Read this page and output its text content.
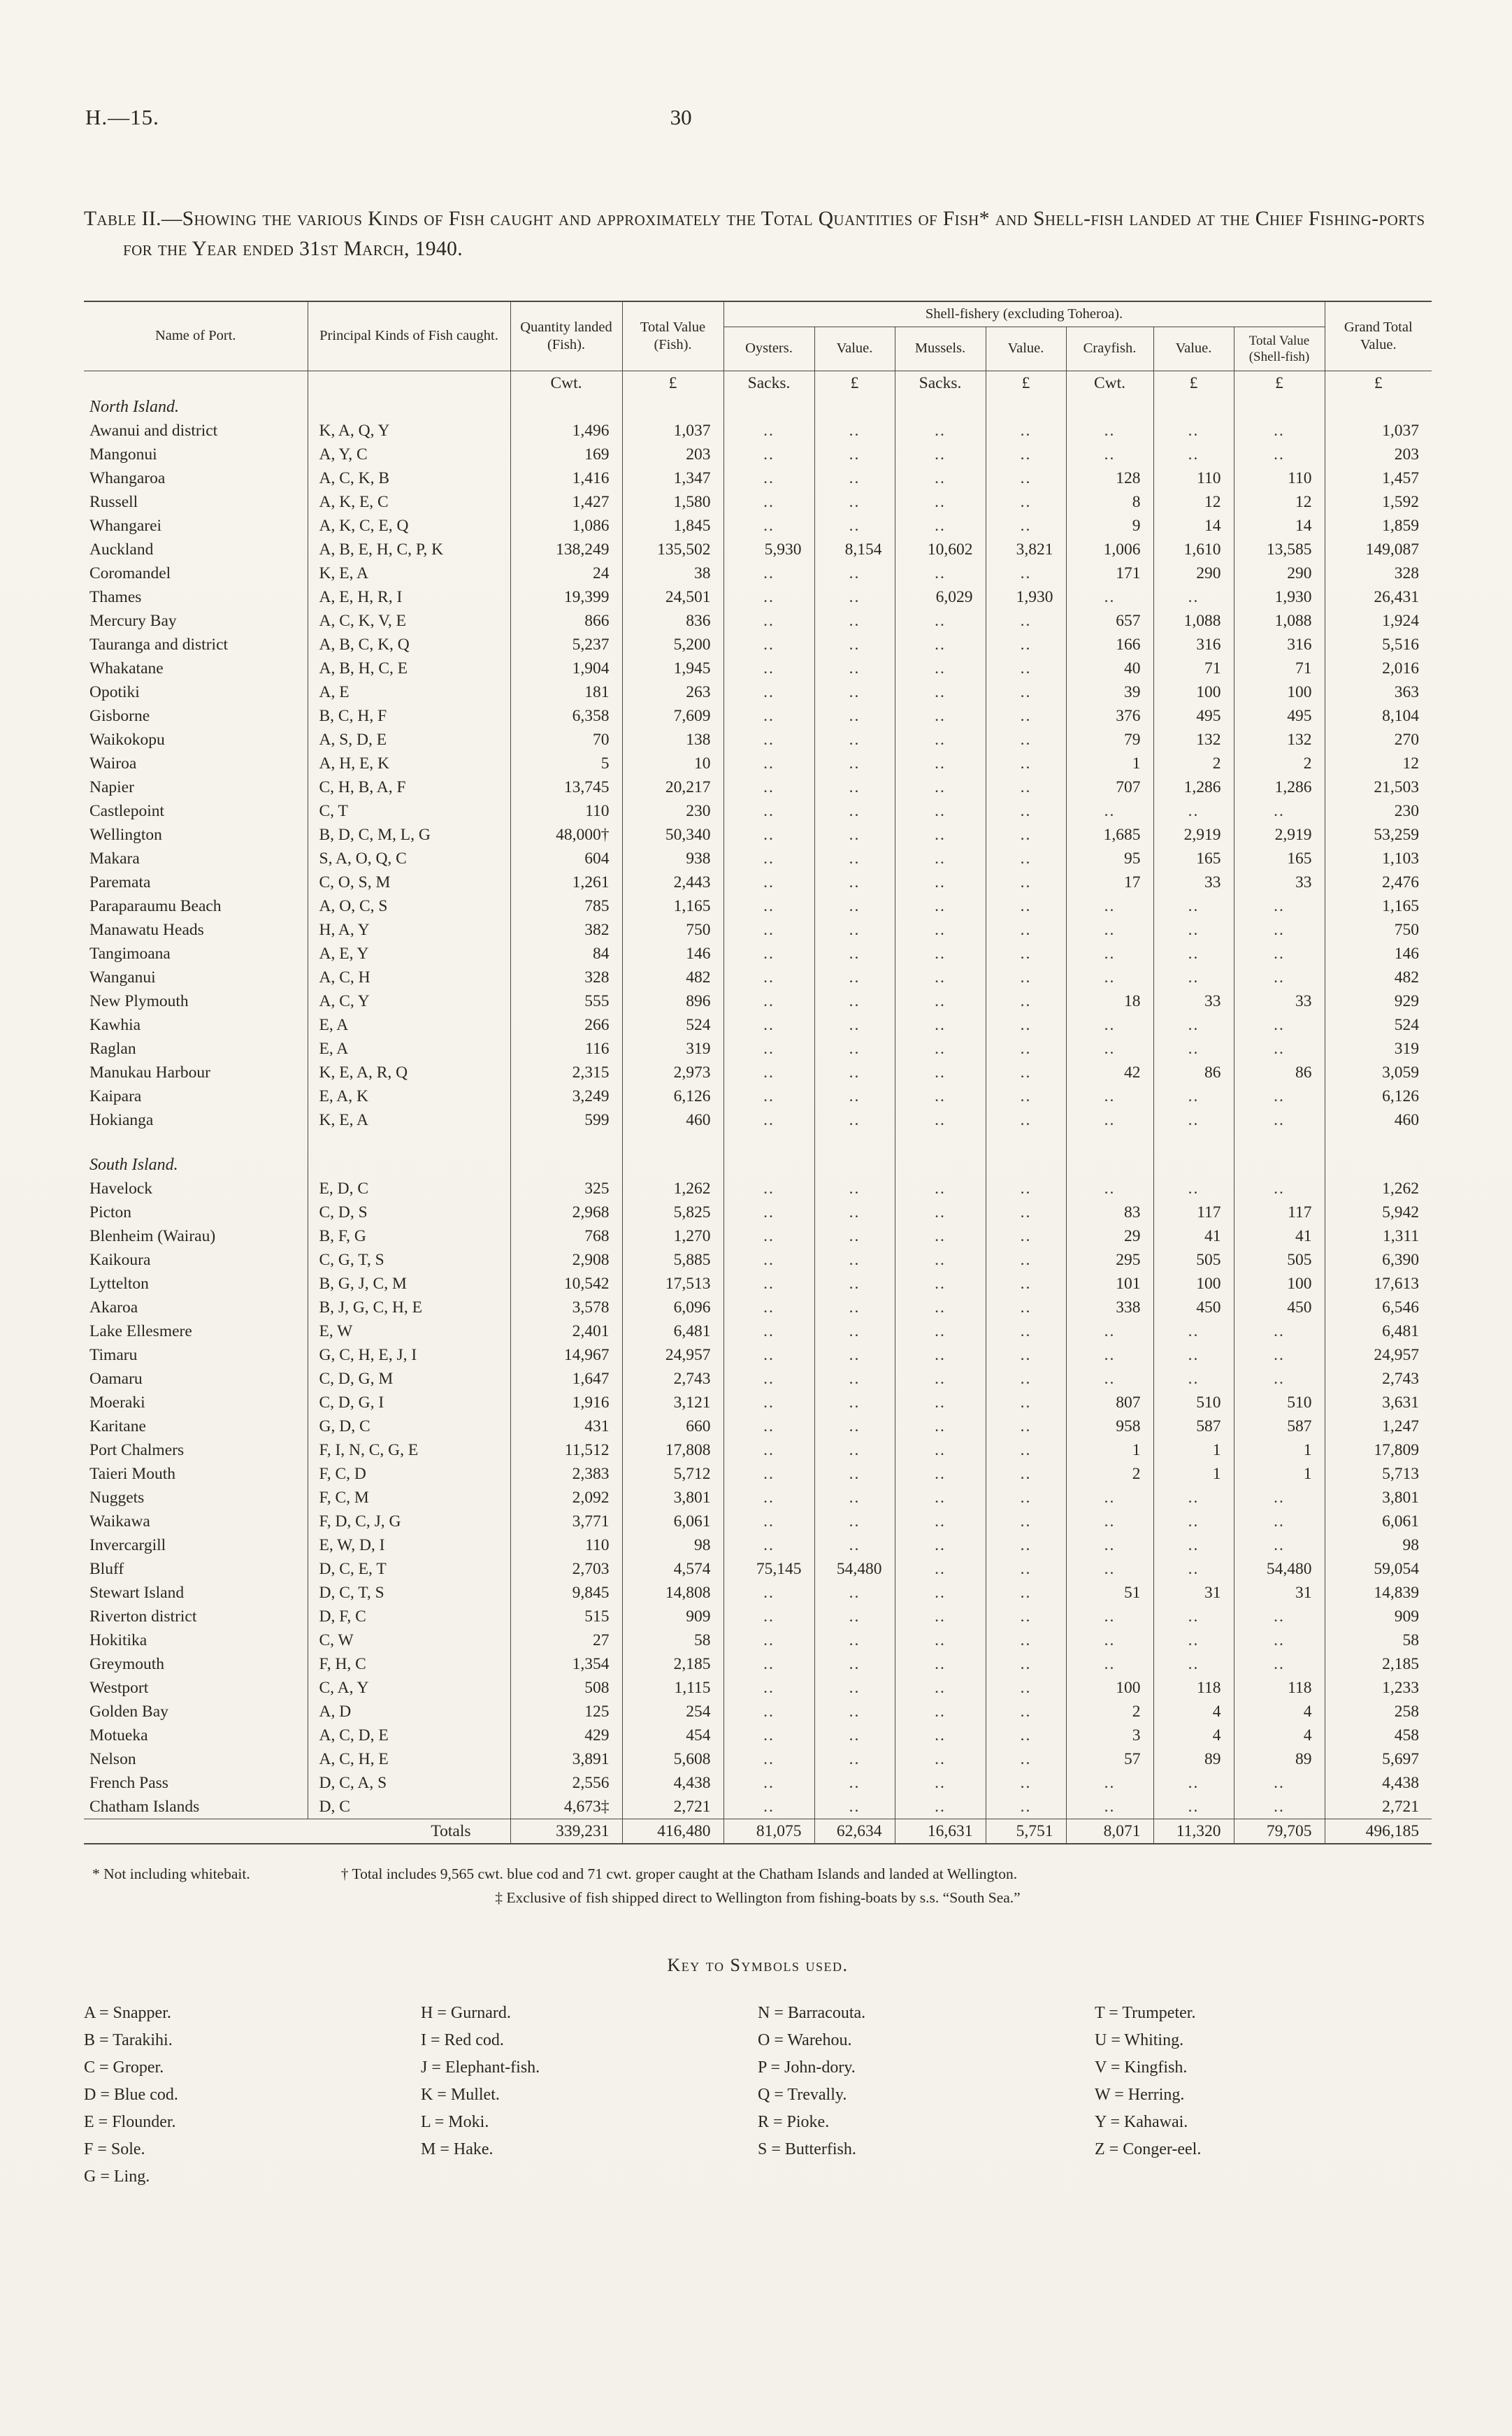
H.—15.	30

Table II.—Showing the various Kinds of Fish caught and approximately the Total Quantities of Fish* and Shell-fish landed at the Chief Fishing-ports for the Year ended 31st March, 1940.

Name of Port.	Principal Kinds of Fish caught.	Quantity landed (Fish).	Total Value (Fish).	Shell-fishery (excluding Toheroa).							Grand Total Value.
				Oysters.	Value.	Mussels.	Value.	Crayfish.	Value.	Total Value (Shell-fish)	
		Cwt.	£	Sacks.	£	Sacks.	£	Cwt.	£	£	£
North Island.											
Awanui and district	K, A, Q, Y	1,496	1,037	..	..	..	..	..	..	..	1,037
Mangonui	A, Y, C	169	203	..	..	..	..	..	..	..	203
Whangaroa	A, C, K, B	1,416	1,347	..	..	..	..	128	110	110	1,457
Russell	A, K, E, C	1,427	1,580	..	..	..	..	8	12	12	1,592
Whangarei	A, K, C, E, Q	1,086	1,845	..	..	..	..	9	14	14	1,859
Auckland	A, B, E, H, C, P, K	138,249	135,502	5,930	8,154	10,602	3,821	1,006	1,610	13,585	149,087
Coromandel	K, E, A	24	38	..	..	..	..	171	290	290	328
Thames	A, E, H, R, I	19,399	24,501	..	..	6,029	1,930	..	..	1,930	26,431
Mercury Bay	A, C, K, V, E	866	836	..	..	..	..	657	1,088	1,088	1,924
Tauranga and district	A, B, C, K, Q	5,237	5,200	..	..	..	..	166	316	316	5,516
Whakatane	A, B, H, C, E	1,904	1,945	..	..	..	..	40	71	71	2,016
Opotiki	A, E	181	263	..	..	..	..	39	100	100	363
Gisborne	B, C, H, F	6,358	7,609	..	..	..	..	376	495	495	8,104
Waikokopu	A, S, D, E	70	138	..	..	..	..	79	132	132	270
Wairoa	A, H, E, K	5	10	..	..	..	..	1	2	2	12
Napier	C, H, B, A, F	13,745	20,217	..	..	..	..	707	1,286	1,286	21,503
Castlepoint	C, T	110	230	..	..	..	..	..	..	..	230
Wellington	B, D, C, M, L, G	48,000†	50,340	..	..	..	..	1,685	2,919	2,919	53,259
Makara	S, A, O, Q, C	604	938	..	..	..	..	95	165	165	1,103
Paremata	C, O, S, M	1,261	2,443	..	..	..	..	17	33	33	2,476
Paraparaumu Beach	A, O, C, S	785	1,165	..	..	..	..	..	..	..	1,165
Manawatu Heads	H, A, Y	382	750	..	..	..	..	..	..	..	750
Tangimoana	A, E, Y	84	146	..	..	..	..	..	..	..	146
Wanganui	A, C, H	328	482	..	..	..	..	..	..	..	482
New Plymouth	A, C, Y	555	896	..	..	..	..	18	33	33	929
Kawhia	E, A	266	524	..	..	..	..	..	..	..	524
Raglan	E, A	116	319	..	..	..	..	..	..	..	319
Manukau Harbour	K, E, A, R, Q	2,315	2,973	..	..	..	..	42	86	86	3,059
Kaipara	E, A, K	3,249	6,126	..	..	..	..	..	..	..	6,126
Hokianga	K, E, A	599	460	..	..	..	..	..	..	..	460
South Island.											
Havelock	E, D, C	325	1,262	..	..	..	..	..	..	..	1,262
Picton	C, D, S	2,968	5,825	..	..	..	..	83	117	117	5,942
Blenheim (Wairau)	B, F, G	768	1,270	..	..	..	..	29	41	41	1,311
Kaikoura	C, G, T, S	2,908	5,885	..	..	..	..	295	505	505	6,390
Lyttelton	B, G, J, C, M	10,542	17,513	..	..	..	..	101	100	100	17,613
Akaroa	B, J, G, C, H, E	3,578	6,096	..	..	..	..	338	450	450	6,546
Lake Ellesmere	E, W	2,401	6,481	..	..	..	..	..	..	..	6,481
Timaru	G, C, H, E, J, I	14,967	24,957	..	..	..	..	..	..	..	24,957
Oamaru	C, D, G, M	1,647	2,743	..	..	..	..	..	..	..	2,743
Moeraki	C, D, G, I	1,916	3,121	..	..	..	..	807	510	510	3,631
Karitane	G, D, C	431	660	..	..	..	..	958	587	587	1,247
Port Chalmers	F, I, N, C, G, E	11,512	17,808	..	..	..	..	1	1	1	17,809
Taieri Mouth	F, C, D	2,383	5,712	..	..	..	..	2	1	1	5,713
Nuggets	F, C, M	2,092	3,801	..	..	..	..	..	..	..	3,801
Waikawa	F, D, C, J, G	3,771	6,061	..	..	..	..	..	..	..	6,061
Invercargill	E, W, D, I	110	98	..	..	..	..	..	..	..	98
Bluff	D, C, E, T	2,703	4,574	75,145	54,480	..	..	..	..	54,480	59,054
Stewart Island	D, C, T, S	9,845	14,808	..	..	..	..	51	31	31	14,839
Riverton district	D, F, C	515	909	..	..	..	..	..	..	..	909
Hokitika	C, W	27	58	..	..	..	..	..	..	..	58
Greymouth	F, H, C	1,354	2,185	..	..	..	..	..	..	..	2,185
Westport	C, A, Y	508	1,115	..	..	..	..	100	118	118	1,233
Golden Bay	A, D	125	254	..	..	..	..	2	4	4	258
Motueka	A, C, D, E	429	454	..	..	..	..	3	4	4	458
Nelson	A, C, H, E	3,891	5,608	..	..	..	..	57	89	89	5,697
French Pass	D, C, A, S	2,556	4,438	..	..	..	..	..	..	..	4,438
Chatham Islands	D, C	4,673‡	2,721	..	..	..	..	..	..	..	2,721
Totals		339,231	416,480	81,075	62,634	16,631	5,751	8,071	11,320	79,705	496,185
* Not including whitebait.	† Total includes 9,565 cwt. blue cod and 71 cwt. groper caught at the Chatham Islands and landed at Wellington.
‡ Exclusive of fish shipped direct to Wellington from fishing-boats by s.s. “South Sea.”
Key to Symbols used.
A = Snapper.
B = Tarakihi.
C = Groper.
D = Blue cod.
E = Flounder.
F = Sole.
G = Ling.
H = Gurnard.
I = Red cod.
J = Elephant-fish.
K = Mullet.
L = Moki.
M = Hake.
N = Barracouta.
O = Warehou.
P = John-dory.
Q = Trevally.
R = Pioke.
S = Butterfish.
T = Trumpeter.
U = Whiting.
V = Kingfish.
W = Herring.
Y = Kahawai.
Z = Conger-eel.
